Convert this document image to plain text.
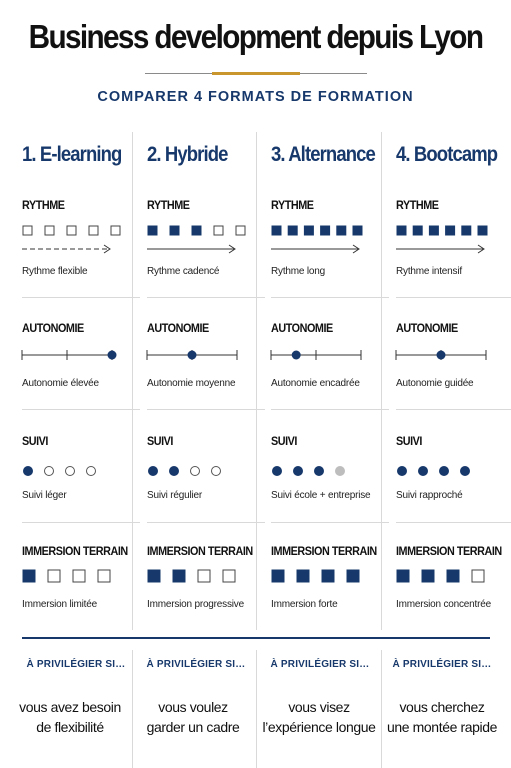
Business development depuis Lyon
COMPARER 4 FORMATS DE FORMATION
1. E-learning
RYTHME
Rythme flexible
AUTONOMIE
Autonomie élevée
SUIVI
Suivi léger
IMMERSION TERRAIN
Immersion limitée
2. Hybride
RYTHME
Rythme cadencé
AUTONOMIE
Autonomie moyenne
SUIVI
Suivi régulier
IMMERSION TERRAIN
Immersion progressive
3. Alternance
RYTHME
Rythme long
AUTONOMIE
Autonomie encadrée
SUIVI
Suivi école + entreprise
IMMERSION TERRAIN
Immersion forte
4. Bootcamp
RYTHME
Rythme intensif
AUTONOMIE
Autonomie guidée
SUIVI
Suivi rapproché
IMMERSION TERRAIN
Immersion concentrée
À PRIVILÉGIER SI…
vous avez besoin
de flexibilité
À PRIVILÉGIER SI…
vous voulez
garder un cadre
À PRIVILÉGIER SI…
vous visez
l’expérience longue
À PRIVILÉGIER SI…
vous cherchez
une montée rapide
